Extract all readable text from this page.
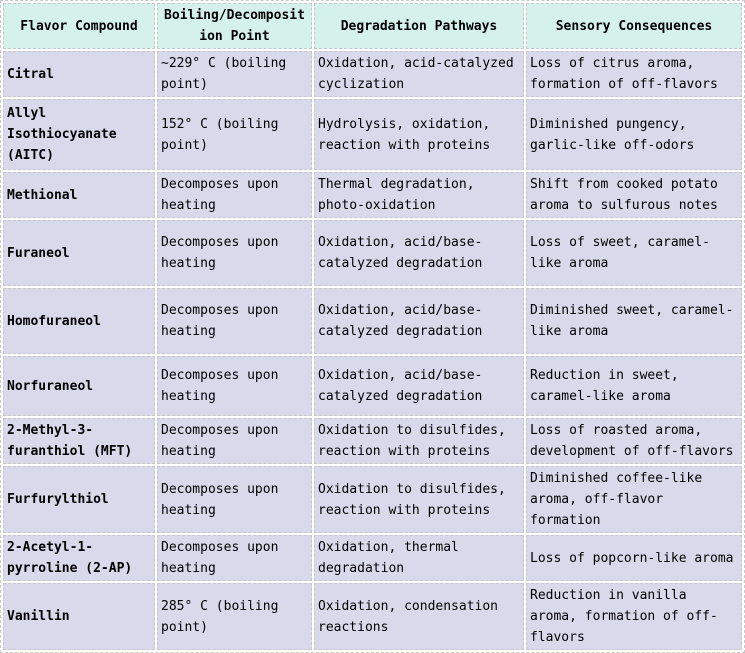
Flavor Compound	Boiling/Decomposition Point	Degradation Pathways	Sensory Consequences
Citral	~229° C (boiling point)	Oxidation, acid-catalyzed cyclization	Loss of citrus aroma, formation of off-flavors
Allyl Isothiocyanate (AITC)	152° C (boiling point)	Hydrolysis, oxidation, reaction with proteins	Diminished pungency, garlic-like off-odors
Methional	Decomposes upon heating	Thermal degradation, photo-oxidation	Shift from cooked potato aroma to sulfurous notes
Furaneol	Decomposes upon heating	Oxidation, acid/base-catalyzed degradation	Loss of sweet, caramel-like aroma
Homofuraneol	Decomposes upon heating	Oxidation, acid/base-catalyzed degradation	Diminished sweet, caramel-like aroma
Norfuraneol	Decomposes upon heating	Oxidation, acid/base-catalyzed degradation	Reduction in sweet, caramel-like aroma
2-Methyl-3-furanthiol (MFT)	Decomposes upon heating	Oxidation to disulfides, reaction with proteins	Loss of roasted aroma, development of off-flavors
Furfurylthiol	Decomposes upon heating	Oxidation to disulfides, reaction with proteins	Diminished coffee-like aroma, off-flavor formation
2-Acetyl-1-pyrroline (2-AP)	Decomposes upon heating	Oxidation, thermal degradation	Loss of popcorn-like aroma
Vanillin	285° C (boiling point)	Oxidation, condensation reactions	Reduction in vanilla aroma, formation of off-flavors
